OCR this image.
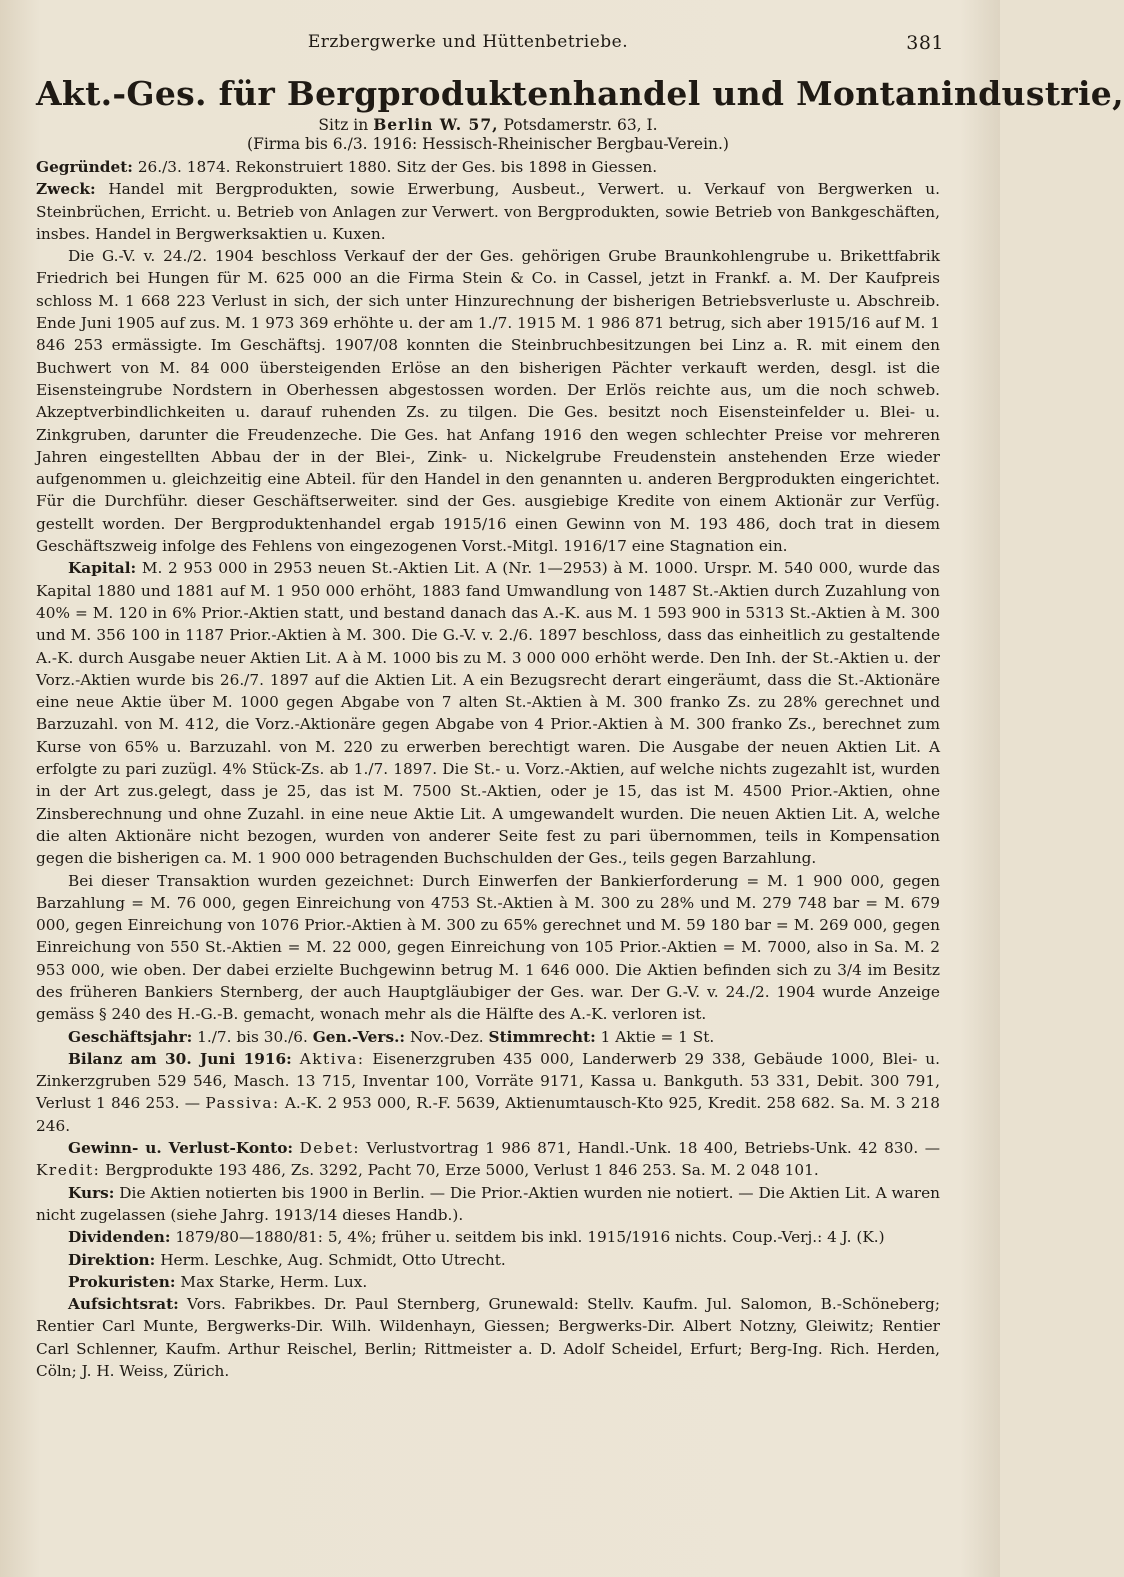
Erzbergwerke und Hüttenbetriebe.	381
Akt.-Ges. für Bergproduktenhandel und Montanindustrie,

Sitz in Berlin W. 57, Potsdamerstr. 63, I.

(Firma bis 6./3. 1916: Hessisch-Rheinischer Bergbau-Verein.)

Gegründet: 26./3. 1874. Rekonstruiert 1880. Sitz der Ges. bis 1898 in Giessen.

Zweck: Handel mit Bergprodukten, sowie Erwerbung, Ausbeut., Verwert. u. Verkauf von Bergwerken u. Steinbrüchen, Erricht. u. Betrieb von Anlagen zur Verwert. von Bergprodukten, sowie Betrieb von Bankgeschäften, insbes. Handel in Bergwerksaktien u. Kuxen.

Die G.-V. v. 24./2. 1904 beschloss Verkauf der der Ges. gehörigen Grube Braunkohlengrube u. Brikettfabrik Friedrich bei Hungen für M. 625 000 an die Firma Stein & Co. in Cassel, jetzt in Frankf. a. M. Der Kaufpreis schloss M. 1 668 223 Verlust in sich, der sich unter Hinzurechnung der bisherigen Betriebsverluste u. Abschreib. Ende Juni 1905 auf zus. M. 1 973 369 erhöhte u. der am 1./7. 1915 M. 1 986 871 betrug, sich aber 1915/16 auf M. 1 846 253 ermässigte. Im Geschäftsj. 1907/08 konnten die Steinbruchbesitzungen bei Linz a. R. mit einem den Buchwert von M. 84 000 übersteigenden Erlöse an den bisherigen Pächter verkauft werden, desgl. ist die Eisensteingrube Nordstern in Oberhessen abgestossen worden. Der Erlös reichte aus, um die noch schweb. Akzeptverbindlichkeiten u. darauf ruhenden Zs. zu tilgen. Die Ges. besitzt noch Eisensteinfelder u. Blei- u. Zinkgruben, darunter die Freudenzeche. Die Ges. hat Anfang 1916 den wegen schlechter Preise vor mehreren Jahren eingestellten Abbau der in der Blei-, Zink- u. Nickelgrube Freudenstein anstehenden Erze wieder aufgenommen u. gleichzeitig eine Abteil. für den Handel in den genannten u. anderen Bergprodukten eingerichtet. Für die Durchführ. dieser Geschäftserweiter. sind der Ges. ausgiebige Kredite von einem Aktionär zur Verfüg. gestellt worden. Der Bergproduktenhandel ergab 1915/16 einen Gewinn von M. 193 486, doch trat in diesem Geschäftszweig infolge des Fehlens von eingezogenen Vorst.-Mitgl. 1916/17 eine Stagnation ein.

Kapital: M. 2 953 000 in 2953 neuen St.-Aktien Lit. A (Nr. 1—2953) à M. 1000. Urspr. M. 540 000, wurde das Kapital 1880 und 1881 auf M. 1 950 000 erhöht, 1883 fand Umwandlung von 1487 St.-Aktien durch Zuzahlung von 40% = M. 120 in 6% Prior.-Aktien statt, und bestand danach das A.-K. aus M. 1 593 900 in 5313 St.-Aktien à M. 300 und M. 356 100 in 1187 Prior.-Aktien à M. 300. Die G.-V. v. 2./6. 1897 beschloss, dass das einheitlich zu gestaltende A.-K. durch Ausgabe neuer Aktien Lit. A à M. 1000 bis zu M. 3 000 000 erhöht werde. Den Inh. der St.-Aktien u. der Vorz.-Aktien wurde bis 26./7. 1897 auf die Aktien Lit. A ein Bezugsrecht derart eingeräumt, dass die St.-Aktionäre eine neue Aktie über M. 1000 gegen Abgabe von 7 alten St.-Aktien à M. 300 franko Zs. zu 28% gerechnet und Barzuzahl. von M. 412, die Vorz.-Aktionäre gegen Abgabe von 4 Prior.-Aktien à M. 300 franko Zs., berechnet zum Kurse von 65% u. Barzuzahl. von M. 220 zu erwerben berechtigt waren. Die Ausgabe der neuen Aktien Lit. A erfolgte zu pari zuzügl. 4% Stück-Zs. ab 1./7. 1897. Die St.- u. Vorz.-Aktien, auf welche nichts zugezahlt ist, wurden in der Art zus.gelegt, dass je 25, das ist M. 7500 St.-Aktien, oder je 15, das ist M. 4500 Prior.-Aktien, ohne Zinsberechnung und ohne Zuzahl. in eine neue Aktie Lit. A umgewandelt wurden. Die neuen Aktien Lit. A, welche die alten Aktionäre nicht bezogen, wurden von anderer Seite fest zu pari übernommen, teils in Kompensation gegen die bisherigen ca. M. 1 900 000 betragenden Buchschulden der Ges., teils gegen Barzahlung.

Bei dieser Transaktion wurden gezeichnet: Durch Einwerfen der Bankierforderung = M. 1 900 000, gegen Barzahlung = M. 76 000, gegen Einreichung von 4753 St.-Aktien à M. 300 zu 28% und M. 279 748 bar = M. 679 000, gegen Einreichung von 1076 Prior.-Aktien à M. 300 zu 65% gerechnet und M. 59 180 bar = M. 269 000, gegen Einreichung von 550 St.-Aktien = M. 22 000, gegen Einreichung von 105 Prior.-Aktien = M. 7000, also in Sa. M. 2 953 000, wie oben. Der dabei erzielte Buchgewinn betrug M. 1 646 000. Die Aktien befinden sich zu 3/4 im Besitz des früheren Bankiers Sternberg, der auch Hauptgläubiger der Ges. war. Der G.-V. v. 24./2. 1904 wurde Anzeige gemäss § 240 des H.-G.-B. gemacht, wonach mehr als die Hälfte des A.-K. verloren ist.

Geschäftsjahr: 1./7. bis 30./6. Gen.-Vers.: Nov.-Dez. Stimmrecht: 1 Aktie = 1 St.

Bilanz am 30. Juni 1916: Aktiva: Eisenerzgruben 435 000, Landerwerb 29 338, Gebäude 1000, Blei- u. Zinkerzgruben 529 546, Masch. 13 715, Inventar 100, Vorräte 9171, Kassa u. Bankguth. 53 331, Debit. 300 791, Verlust 1 846 253. — Passiva: A.-K. 2 953 000, R.-F. 5639, Aktienumtausch-Kto 925, Kredit. 258 682. Sa. M. 3 218 246.

Gewinn- u. Verlust-Konto: Debet: Verlustvortrag 1 986 871, Handl.-Unk. 18 400, Betriebs-Unk. 42 830. — Kredit: Bergprodukte 193 486, Zs. 3292, Pacht 70, Erze 5000, Verlust 1 846 253. Sa. M. 2 048 101.

Kurs: Die Aktien notierten bis 1900 in Berlin. — Die Prior.-Aktien wurden nie notiert. — Die Aktien Lit. A waren nicht zugelassen (siehe Jahrg. 1913/14 dieses Handb.).

Dividenden: 1879/80—1880/81: 5, 4%; früher u. seitdem bis inkl. 1915/1916 nichts. Coup.-Verj.: 4 J. (K.)

Direktion: Herm. Leschke, Aug. Schmidt, Otto Utrecht.

Prokuristen: Max Starke, Herm. Lux.

Aufsichtsrat: Vors. Fabrikbes. Dr. Paul Sternberg, Grunewald: Stellv. Kaufm. Jul. Salomon, B.-Schöneberg; Rentier Carl Munte, Bergwerks-Dir. Wilh. Wildenhayn, Giessen; Bergwerks-Dir. Albert Notzny, Gleiwitz; Rentier Carl Schlenner, Kaufm. Arthur Reischel, Berlin; Rittmeister a. D. Adolf Scheidel, Erfurt; Berg-Ing. Rich. Herden, Cöln; J. H. Weiss, Zürich.
